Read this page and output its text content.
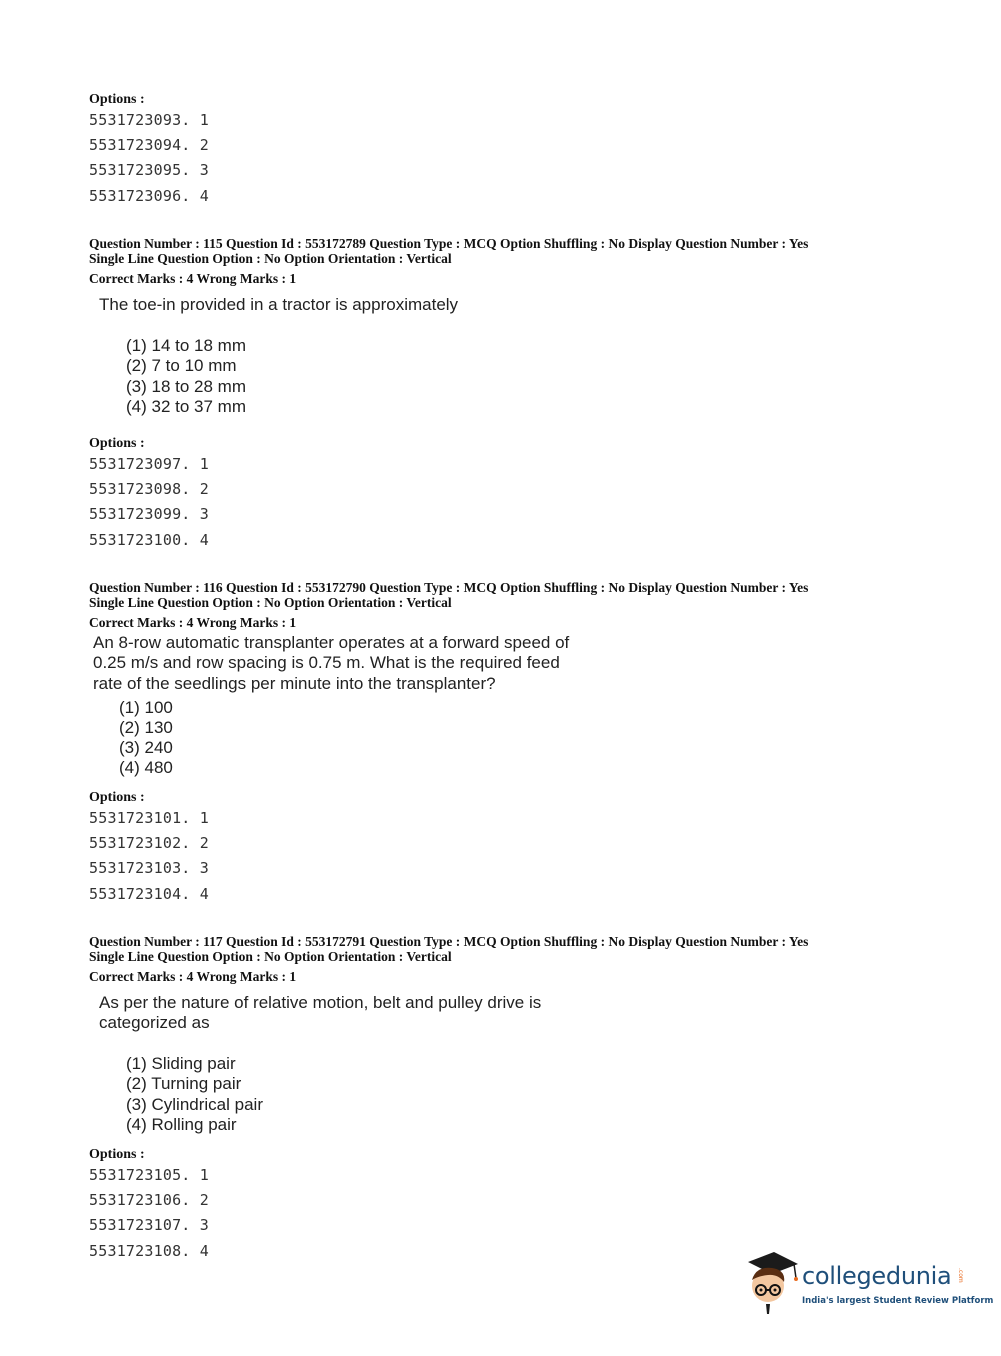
Options :
5531723093. 1
5531723094. 2
5531723095. 3
5531723096. 4
Question Number : 115 Question Id : 553172789 Question Type : MCQ Option Shuffling : No Display Question Number : Yes
Single Line Question Option : No Option Orientation : Vertical
Correct Marks : 4 Wrong Marks : 1
The toe-in provided in a tractor is approximately
(1) 14 to 18 mm
(2) 7 to 10 mm
(3) 18 to 28 mm
(4) 32 to 37 mm
Options :
5531723097. 1
5531723098. 2
5531723099. 3
5531723100. 4
Question Number : 116 Question Id : 553172790 Question Type : MCQ Option Shuffling : No Display Question Number : Yes
Single Line Question Option : No Option Orientation : Vertical
Correct Marks : 4 Wrong Marks : 1
An 8-row automatic transplanter operates at a forward speed of
0.25 m/s and row spacing is 0.75 m. What is the required feed
rate of the seedlings per minute into the transplanter?
(1) 100
(2) 130
(3) 240
(4) 480
Options :
5531723101. 1
5531723102. 2
5531723103. 3
5531723104. 4
Question Number : 117 Question Id : 553172791 Question Type : MCQ Option Shuffling : No Display Question Number : Yes
Single Line Question Option : No Option Orientation : Vertical
Correct Marks : 4 Wrong Marks : 1
As per the nature of relative motion, belt and pulley drive is
categorized as
(1) Sliding pair
(2) Turning pair
(3) Cylindrical pair
(4) Rolling pair
Options :
5531723105. 1
5531723106. 2
5531723107. 3
5531723108. 4
collegedunia .com
India's largest Student Review Platform
